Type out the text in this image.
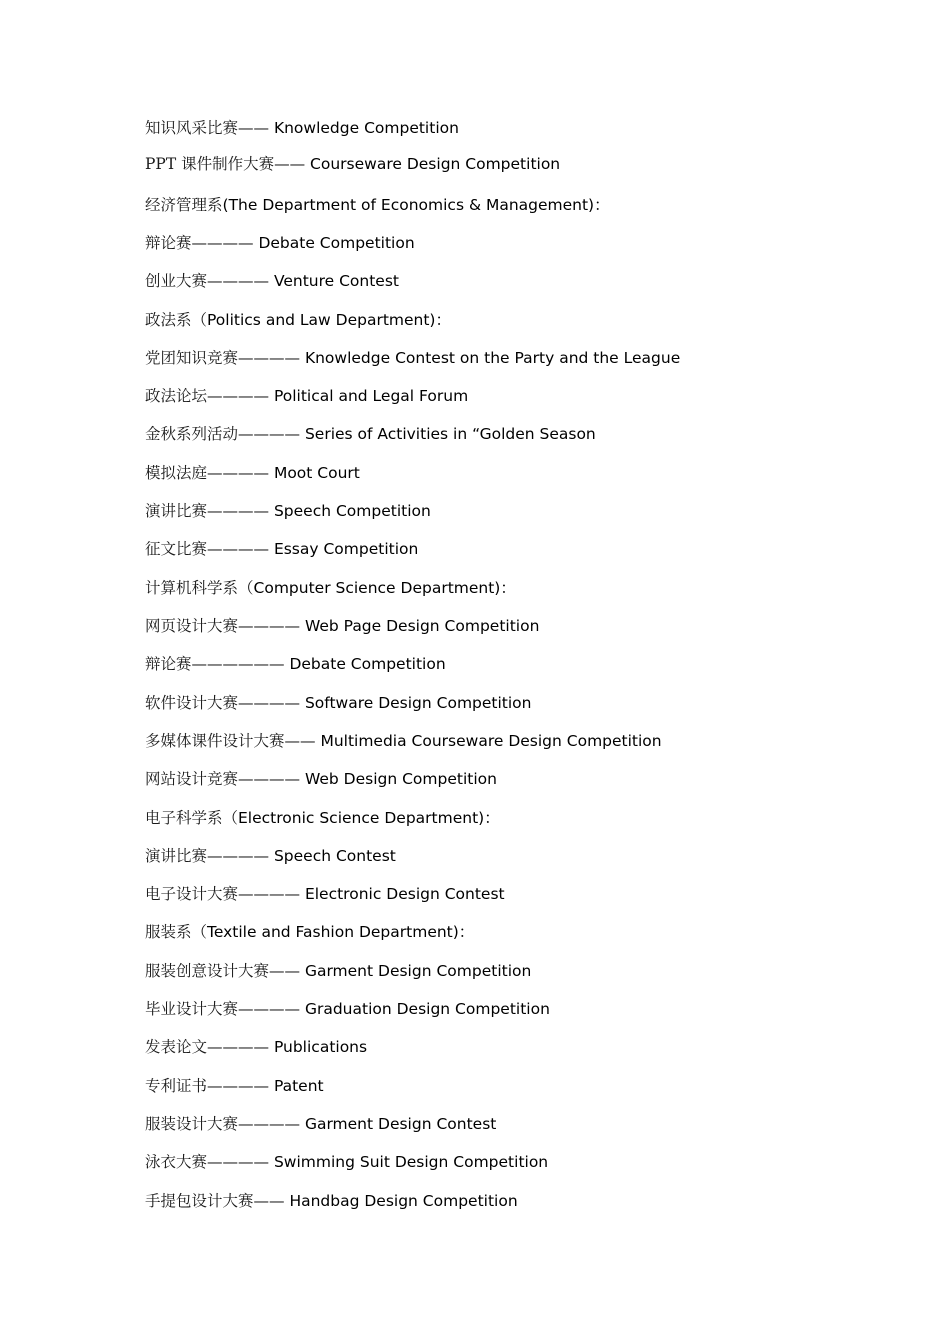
知识风采比赛—— Knowledge Competition
PPT 课件制作大赛—— Courseware Design Competition
经济管理系(The Department of Economics & Management)：
辩论赛———— Debate Competition
创业大赛———— Venture Contest
政法系（Politics and Law Department)：
党团知识竞赛———— Knowledge Contest on the Party and the League
政法论坛———— Political and Legal Forum
金秋系列活动———— Series of Activities in “Golden Season
模拟法庭———— Moot Court
演讲比赛———— Speech Competition
征文比赛———— Essay Competition
计算机科学系（Computer Science Department)：
网页设计大赛———— Web Page Design Competition
辩论赛—————— Debate Competition
软件设计大赛———— Software Design Competition
多媒体课件设计大赛—— Multimedia Courseware Design Competition
网站设计竞赛———— Web Design Competition
电子科学系（Electronic Science Department)：
演讲比赛———— Speech Contest
电子设计大赛———— Electronic Design Contest
服装系（Textile and Fashion Department)：
服装创意设计大赛—— Garment Design Competition
毕业设计大赛———— Graduation Design Competition
发表论文———— Publications
专利证书———— Patent
服装设计大赛———— Garment Design Contest
泳衣大赛———— Swimming Suit Design Competition
手提包设计大赛—— Handbag Design Competition
